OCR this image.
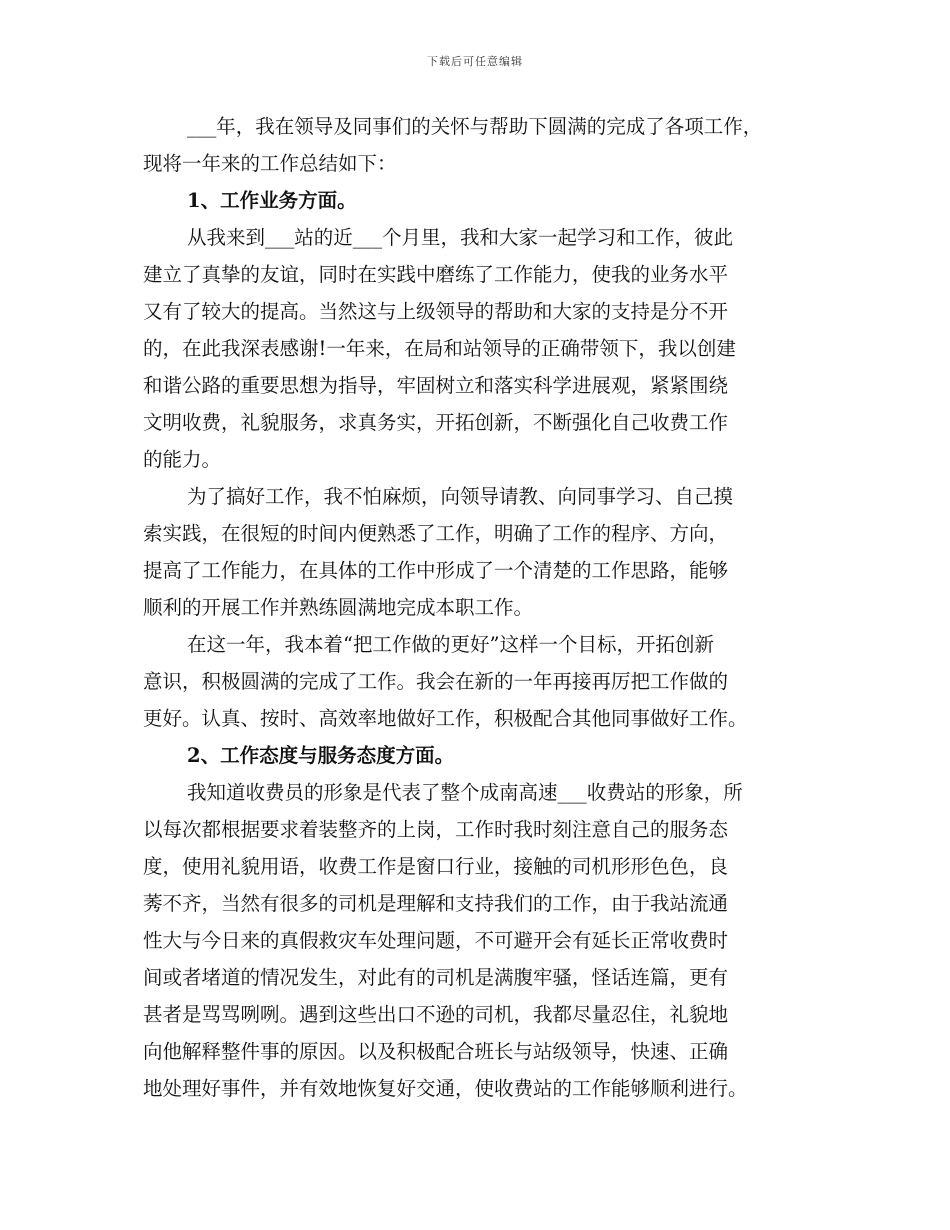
下载后可任意编辑
___年，我在领导及同事们的关怀与帮助下圆满的完成了各项工作，
现将一年来的工作总结如下：
1、工作业务方面。
从我来到___站的近___个月里，我和大家一起学习和工作，彼此
建立了真挚的友谊，同时在实践中磨练了工作能力，使我的业务水平
又有了较大的提高。当然这与上级领导的帮助和大家的支持是分不开
的，在此我深表感谢!一年来，在局和站领导的正确带领下，我以创建
和谐公路的重要思想为指导，牢固树立和落实科学进展观，紧紧围绕
文明收费，礼貌服务，求真务实，开拓创新，不断强化自己收费工作
的能力。
为了搞好工作，我不怕麻烦，向领导请教、向同事学习、自己摸
索实践，在很短的时间内便熟悉了工作，明确了工作的程序、方向，
提高了工作能力，在具体的工作中形成了一个清楚的工作思路，能够
顺利的开展工作并熟练圆满地完成本职工作。
在这一年，我本着“把工作做的更好”这样一个目标，开拓创新
意识，积极圆满的完成了工作。我会在新的一年再接再厉把工作做的
更好。认真、按时、高效率地做好工作，积极配合其他同事做好工作。
2、工作态度与服务态度方面。
我知道收费员的形象是代表了整个成南高速___收费站的形象，所
以每次都根据要求着装整齐的上岗，工作时我时刻注意自己的服务态
度，使用礼貌用语，收费工作是窗口行业，接触的司机形形色色，良
莠不齐，当然有很多的司机是理解和支持我们的工作，由于我站流通
性大与今日来的真假救灾车处理问题，不可避开会有延长正常收费时
间或者堵道的情况发生，对此有的司机是满腹牢骚，怪话连篇，更有
甚者是骂骂咧咧。遇到这些出口不逊的司机，我都尽量忍住，礼貌地
向他解释整件事的原因。以及积极配合班长与站级领导，快速、正确
地处理好事件，并有效地恢复好交通，使收费站的工作能够顺利进行。
